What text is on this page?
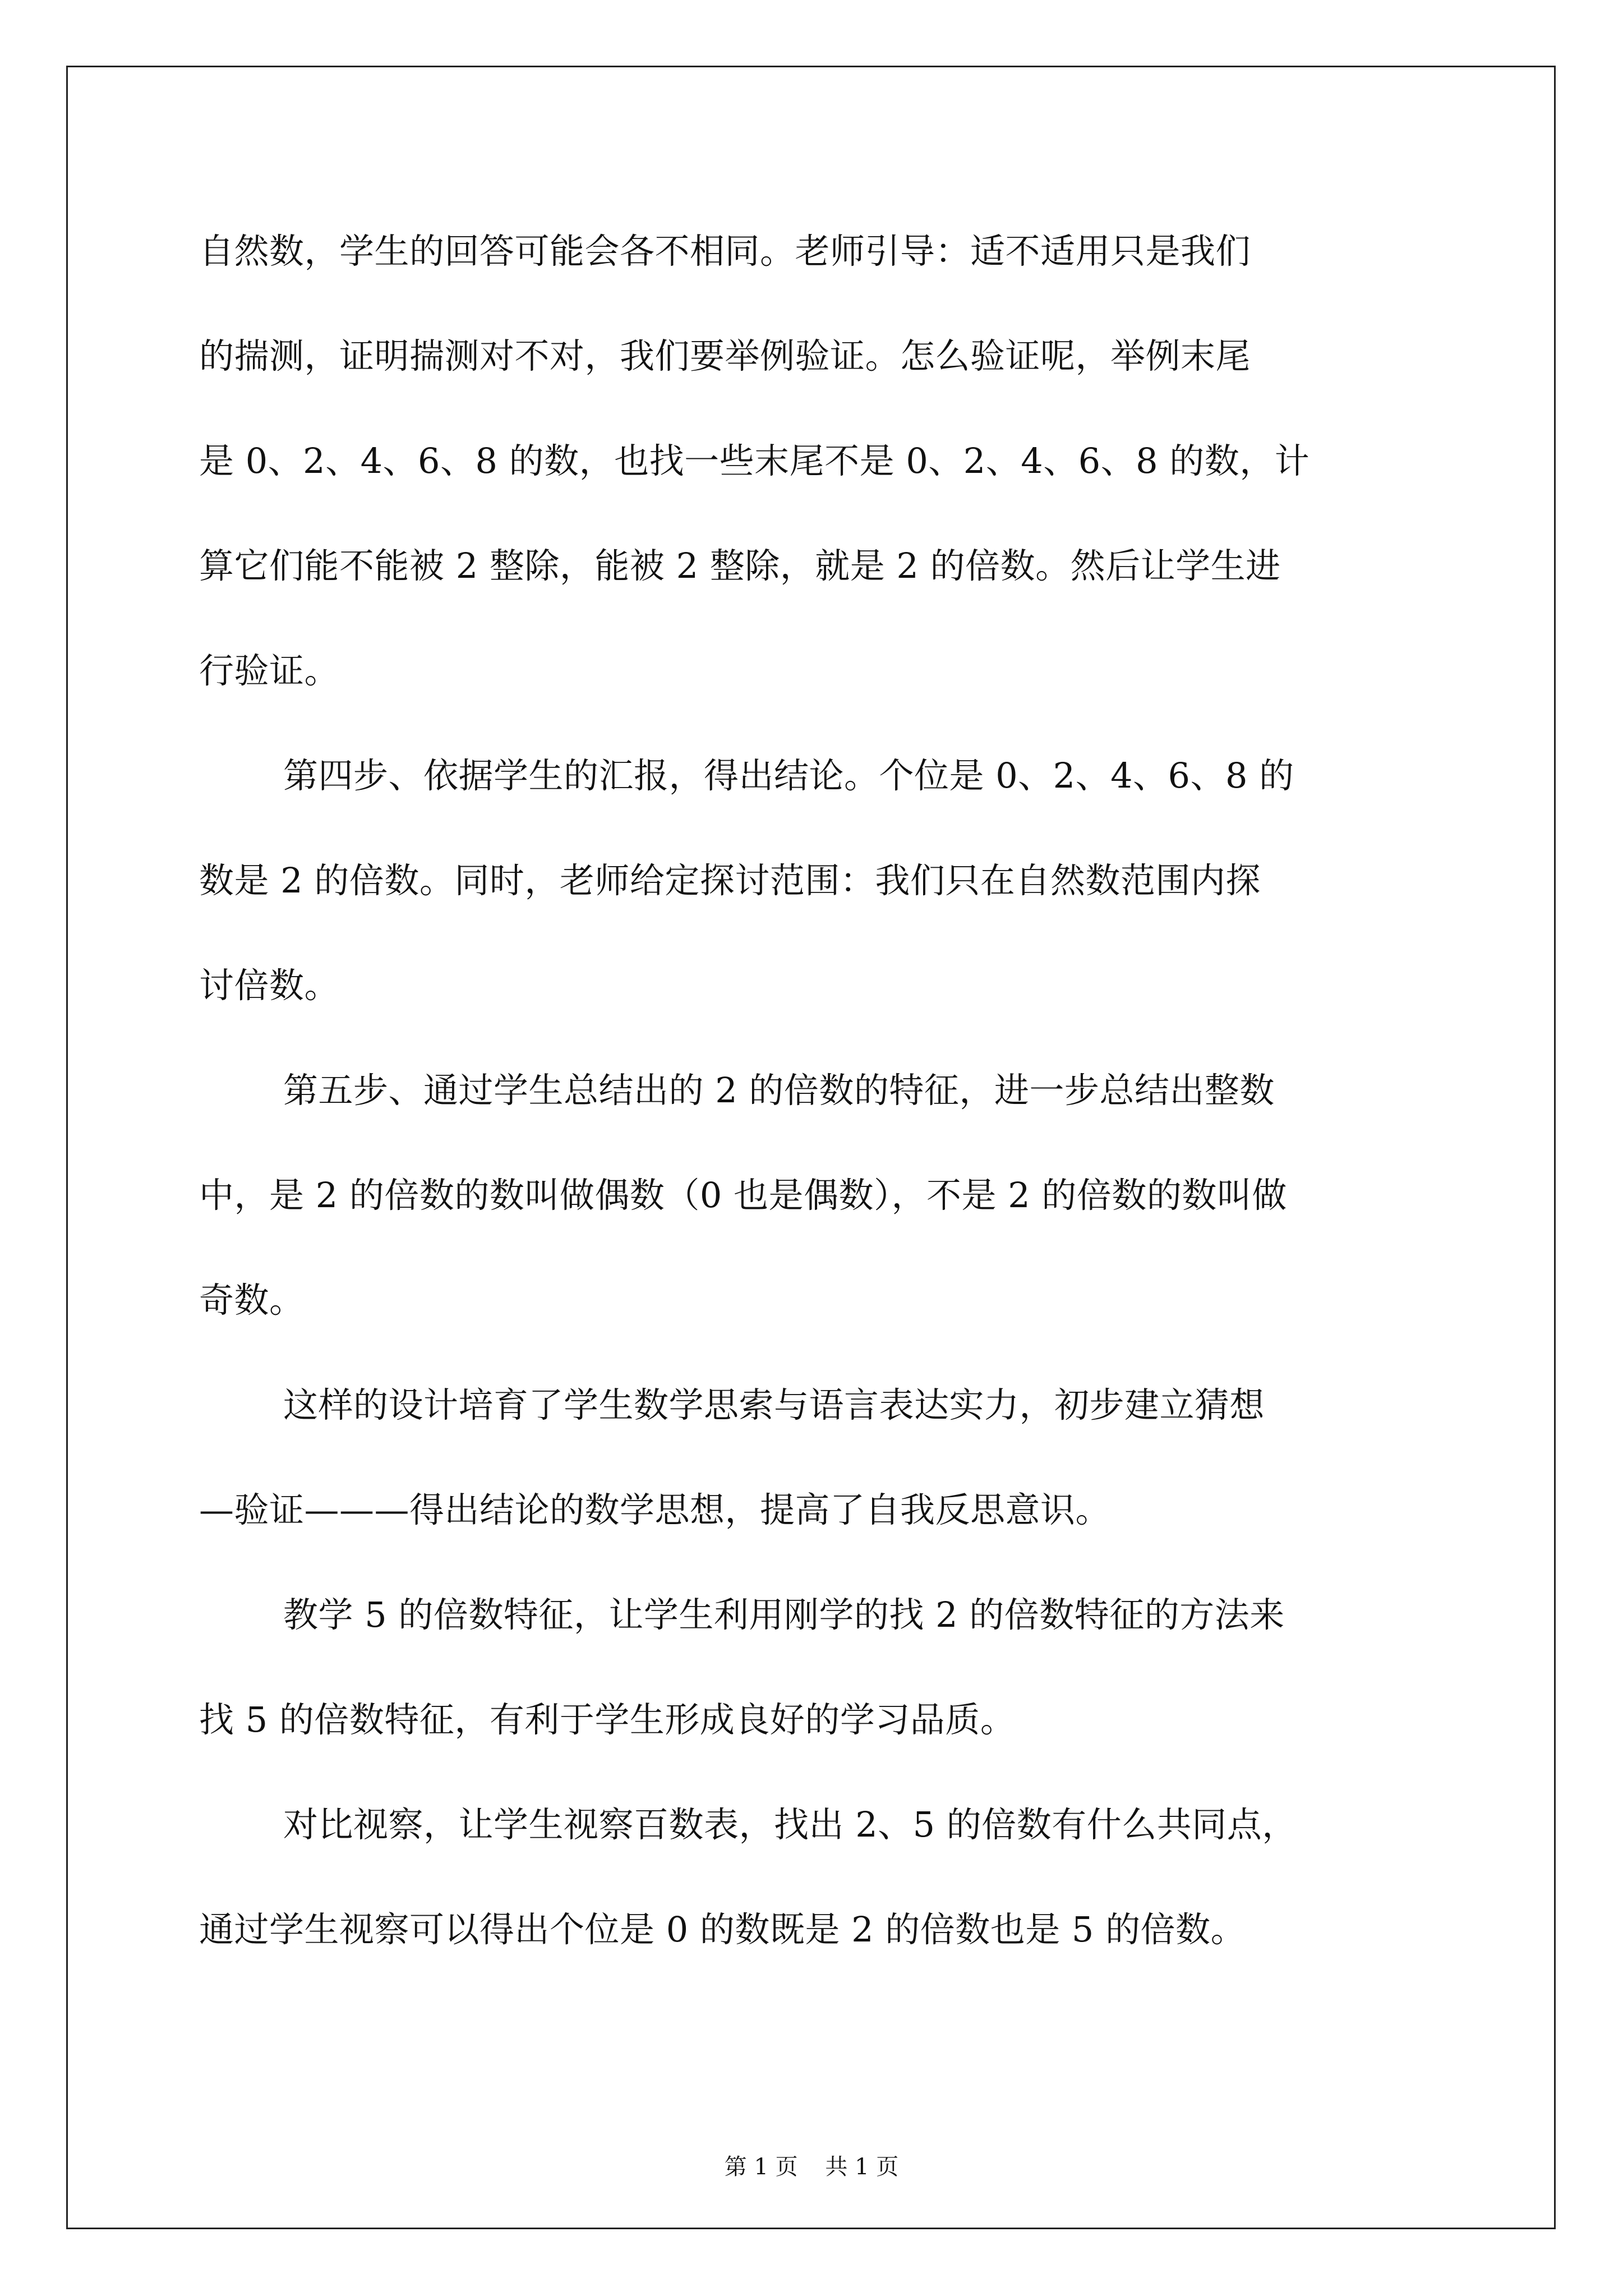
自然数，学生的回答可能会各不相同。老师引导：适不适用只是我们
的揣测，证明揣测对不对，我们要举例验证。怎么验证呢，举例末尾
是 0、2、4、6、8 的数，也找一些末尾不是 0、2、4、6、8 的数，计
算它们能不能被 2 整除，能被 2 整除，就是 2 的倍数。然后让学生进
行验证。
第四步、依据学生的汇报，得出结论。个位是 0、2、4、6、8 的
数是 2 的倍数。同时，老师给定探讨范围：我们只在自然数范围内探
讨倍数。
第五步、通过学生总结出的 2 的倍数的特征，进一步总结出整数
中，是 2 的倍数的数叫做偶数（0 也是偶数），不是 2 的倍数的数叫做
奇数。
这样的设计培育了学生数学思索与语言表达实力，初步建立猜想
—验证———得出结论的数学思想，提高了自我反思意识。
教学 5 的倍数特征，让学生利用刚学的找 2 的倍数特征的方法来
找 5 的倍数特征，有利于学生形成良好的学习品质。
对比视察，让学生视察百数表，找出 2、5 的倍数有什么共同点，
通过学生视察可以得出个位是 0 的数既是 2 的倍数也是 5 的倍数。
第 1 页 共 1 页
